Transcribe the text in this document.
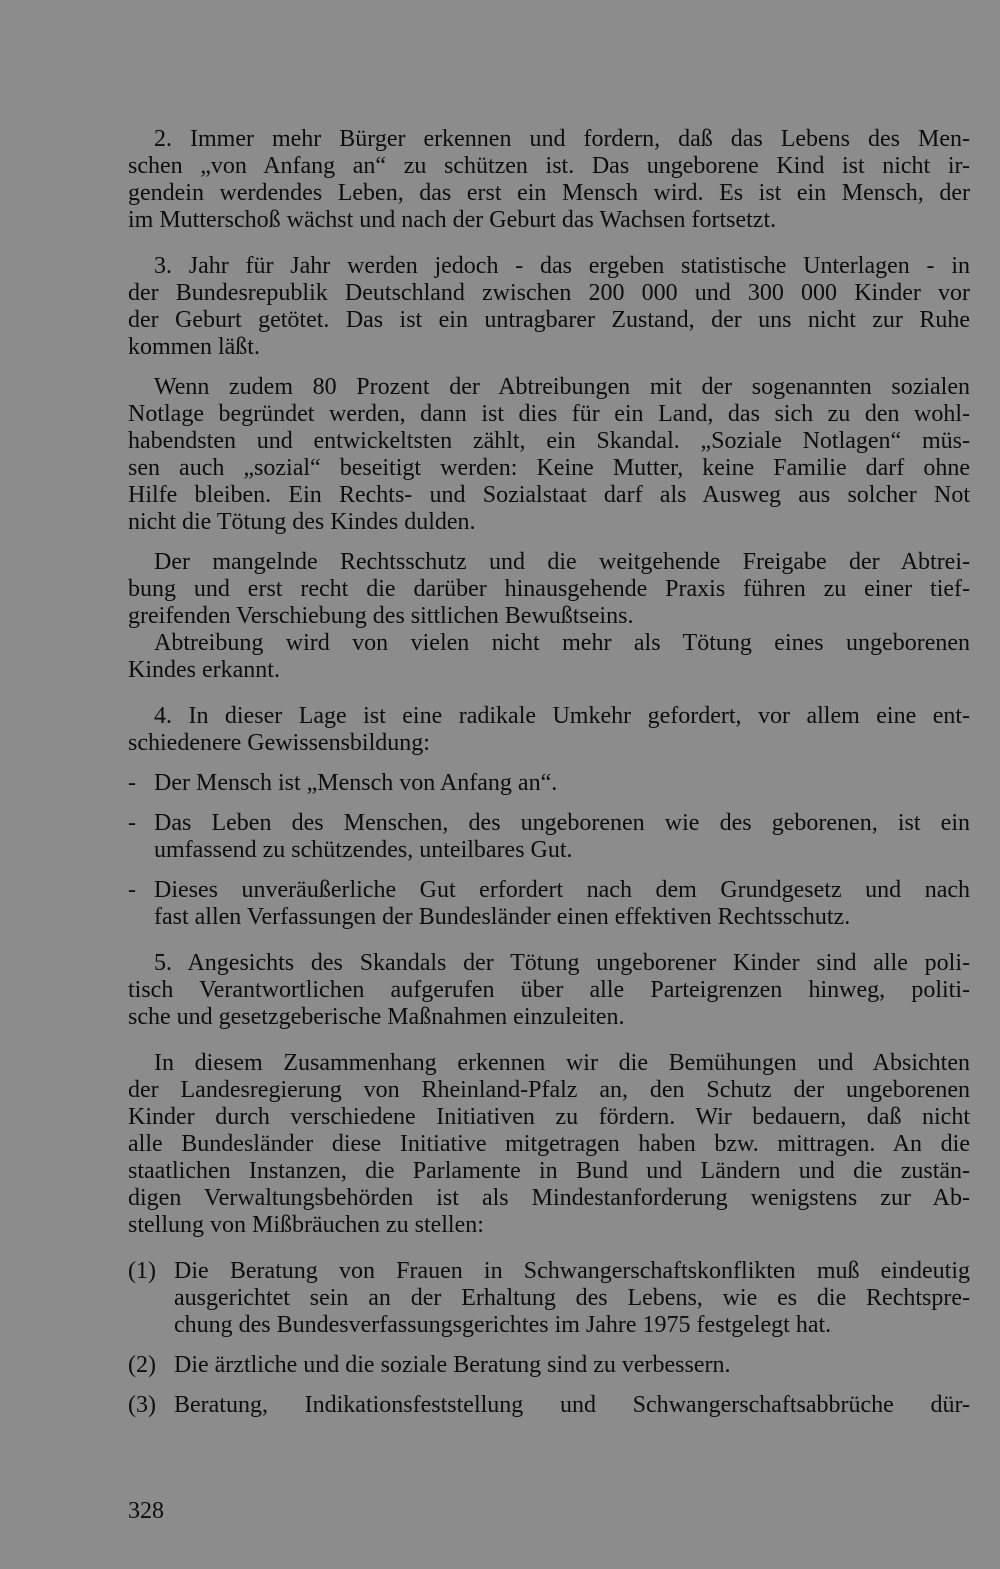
2. Immer mehr Bürger erkennen und fordern, daß das Lebens des Men-
schen „von Anfang an“ zu schützen ist. Das ungeborene Kind ist nicht ir-
gendein werdendes Leben, das erst ein Mensch wird. Es ist ein Mensch, der
im Mutterschoß wächst und nach der Geburt das Wachsen fortsetzt.
3. Jahr für Jahr werden jedoch - das ergeben statistische Unterlagen - in
der Bundesrepublik Deutschland zwischen 200 000 und 300 000 Kinder vor
der Geburt getötet. Das ist ein untragbarer Zustand, der uns nicht zur Ruhe
kommen läßt.
Wenn zudem 80 Prozent der Abtreibungen mit der sogenannten sozialen
Notlage begründet werden, dann ist dies für ein Land, das sich zu den wohl-
habendsten und entwickeltsten zählt, ein Skandal. „Soziale Notlagen“ müs-
sen auch „sozial“ beseitigt werden: Keine Mutter, keine Familie darf ohne
Hilfe bleiben. Ein Rechts- und Sozialstaat darf als Ausweg aus solcher Not
nicht die Tötung des Kindes dulden.
Der mangelnde Rechtsschutz und die weitgehende Freigabe der Abtrei-
bung und erst recht die darüber hinausgehende Praxis führen zu einer tief-
greifenden Verschiebung des sittlichen Bewußtseins.
Abtreibung wird von vielen nicht mehr als Tötung eines ungeborenen
Kindes erkannt.
4. In dieser Lage ist eine radikale Umkehr gefordert, vor allem eine ent-
schiedenere Gewissensbildung:
- Der Mensch ist „Mensch von Anfang an“.
- Das Leben des Menschen, des ungeborenen wie des geborenen, ist ein
umfassend zu schützendes, unteilbares Gut.
- Dieses unveräußerliche Gut erfordert nach dem Grundgesetz und nach
fast allen Verfassungen der Bundesländer einen effektiven Rechtsschutz.
5. Angesichts des Skandals der Tötung ungeborener Kinder sind alle poli-
tisch Verantwortlichen aufgerufen über alle Parteigrenzen hinweg, politi-
sche und gesetzgeberische Maßnahmen einzuleiten.
In diesem Zusammenhang erkennen wir die Bemühungen und Absichten
der Landesregierung von Rheinland-Pfalz an, den Schutz der ungeborenen
Kinder durch verschiedene Initiativen zu fördern. Wir bedauern, daß nicht
alle Bundesländer diese Initiative mitgetragen haben bzw. mittragen. An die
staatlichen Instanzen, die Parlamente in Bund und Ländern und die zustän-
digen Verwaltungsbehörden ist als Mindestanforderung wenigstens zur Ab-
stellung von Mißbräuchen zu stellen:
(1) Die Beratung von Frauen in Schwangerschaftskonflikten muß eindeutig
ausgerichtet sein an der Erhaltung des Lebens, wie es die Rechtspre-
chung des Bundesverfassungsgerichtes im Jahre 1975 festgelegt hat.
(2) Die ärztliche und die soziale Beratung sind zu verbessern.
(3) Beratung, Indikationsfeststellung und Schwangerschaftsabbrüche dür-
328
